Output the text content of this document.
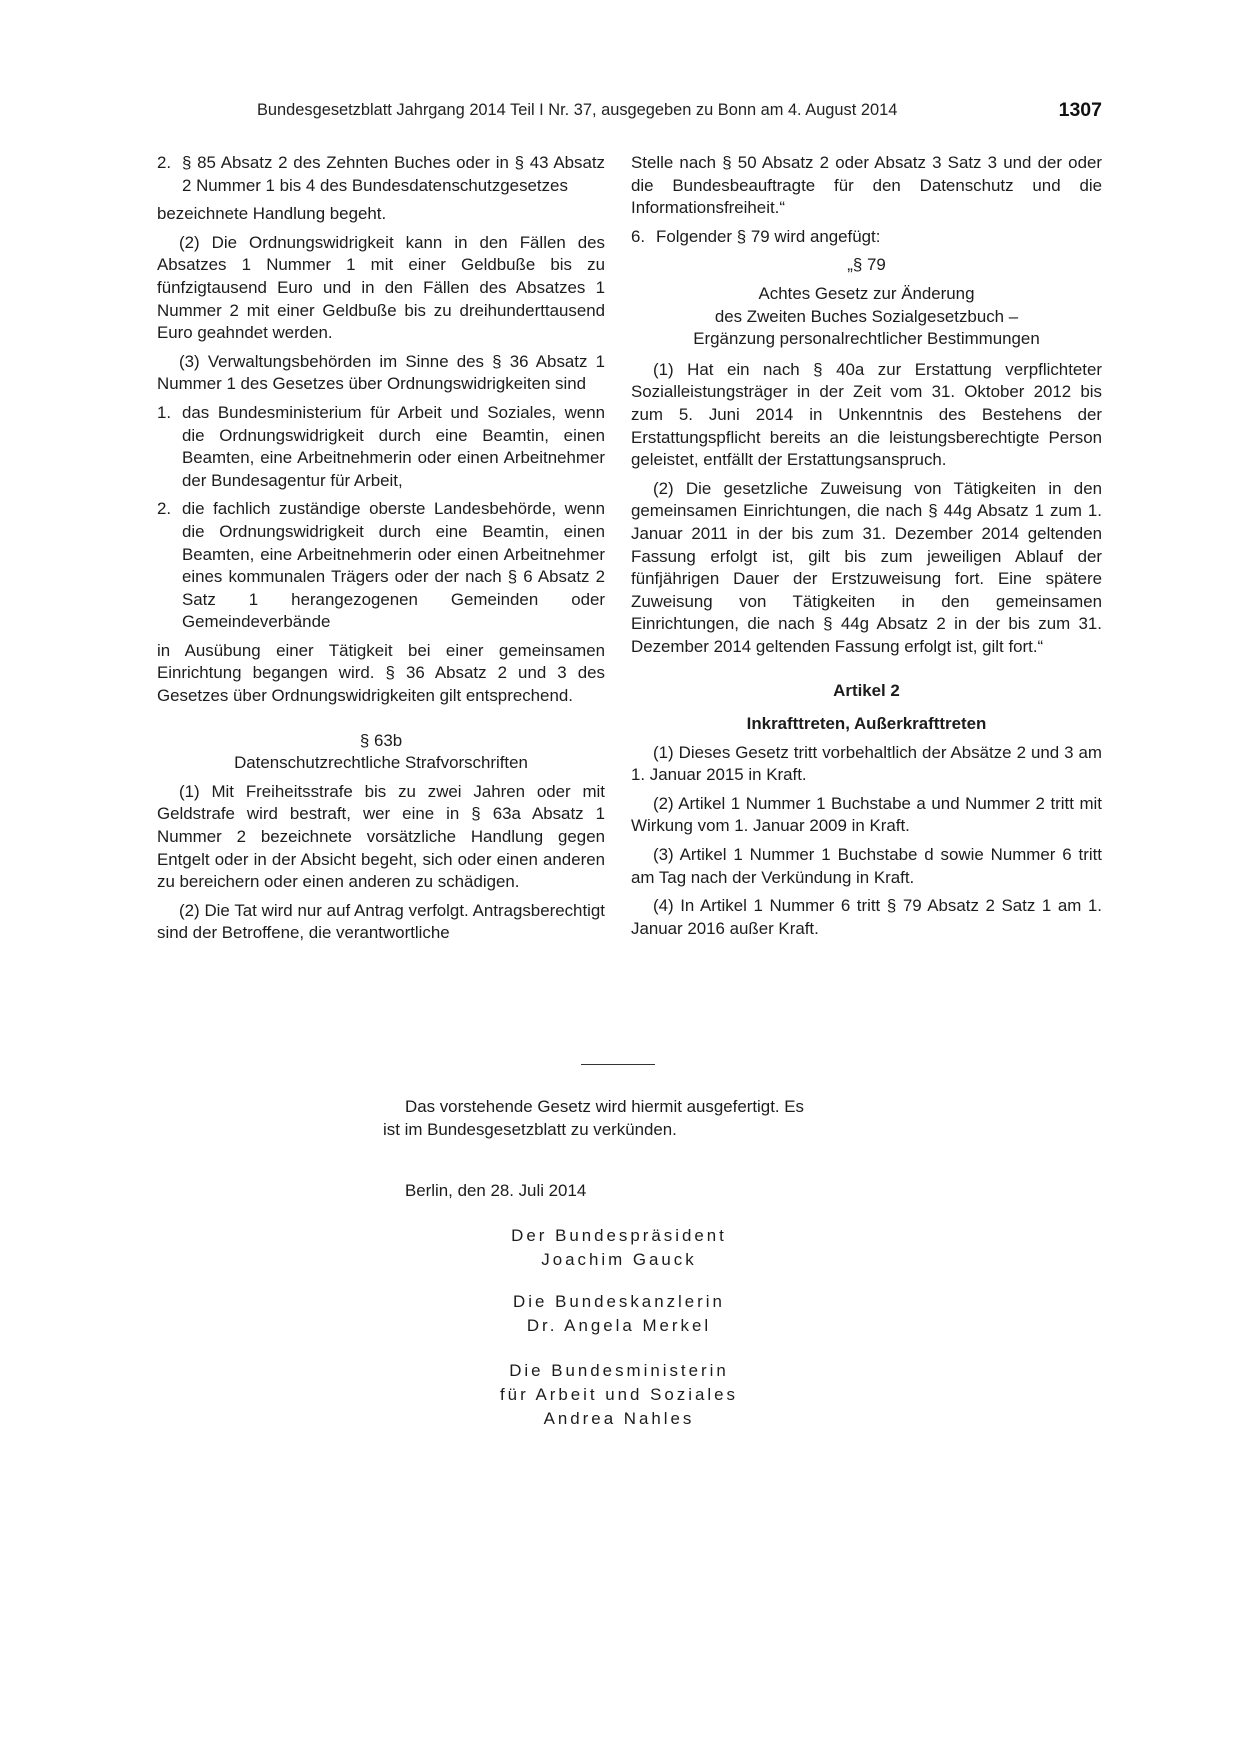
Bundesgesetzblatt Jahrgang 2014 Teil I Nr. 37, ausgegeben zu Bonn am 4. August 2014	1307
2. § 85 Absatz 2 des Zehnten Buches oder in § 43 Absatz 2 Nummer 1 bis 4 des Bundesdatenschutzgesetzes

bezeichnete Handlung begeht.

(2) Die Ordnungswidrigkeit kann in den Fällen des Absatzes 1 Nummer 1 mit einer Geldbuße bis zu fünfzigtausend Euro und in den Fällen des Absatzes 1 Nummer 2 mit einer Geldbuße bis zu dreihunderttausend Euro geahndet werden.

(3) Verwaltungsbehörden im Sinne des § 36 Absatz 1 Nummer 1 des Gesetzes über Ordnungswidrigkeiten sind

1. das Bundesministerium für Arbeit und Soziales, wenn die Ordnungswidrigkeit durch eine Beamtin, einen Beamten, eine Arbeitnehmerin oder einen Arbeitnehmer der Bundesagentur für Arbeit,
2. die fachlich zuständige oberste Landesbehörde, wenn die Ordnungswidrigkeit durch eine Beamtin, einen Beamten, eine Arbeitnehmerin oder einen Arbeitnehmer eines kommunalen Trägers oder der nach § 6 Absatz 2 Satz 1 herangezogenen Gemeinden oder Gemeindeverbände

in Ausübung einer Tätigkeit bei einer gemeinsamen Einrichtung begangen wird. § 36 Absatz 2 und 3 des Gesetzes über Ordnungswidrigkeiten gilt entsprechend.

§ 63b
Datenschutzrechtliche Strafvorschriften

(1) Mit Freiheitsstrafe bis zu zwei Jahren oder mit Geldstrafe wird bestraft, wer eine in § 63a Absatz 1 Nummer 2 bezeichnete vorsätzliche Handlung gegen Entgelt oder in der Absicht begeht, sich oder einen anderen zu bereichern oder einen anderen zu schädigen.

(2) Die Tat wird nur auf Antrag verfolgt. Antragsberechtigt sind der Betroffene, die verantwortliche

Stelle nach § 50 Absatz 2 oder Absatz 3 Satz 3 und der oder die Bundesbeauftragte für den Datenschutz und die Informationsfreiheit.“

6. Folgender § 79 wird angefügt:
„§ 79
Achtes Gesetz zur Änderung
des Zweiten Buches Sozialgesetzbuch –
Ergänzung personalrechtlicher Bestimmungen

(1) Hat ein nach § 40a zur Erstattung verpflichteter Sozialleistungsträger in der Zeit vom 31. Oktober 2012 bis zum 5. Juni 2014 in Unkenntnis des Bestehens der Erstattungspflicht bereits an die leistungsberechtigte Person geleistet, entfällt der Erstattungsanspruch.

(2) Die gesetzliche Zuweisung von Tätigkeiten in den gemeinsamen Einrichtungen, die nach § 44g Absatz 1 zum 1. Januar 2011 in der bis zum 31. Dezember 2014 geltenden Fassung erfolgt ist, gilt bis zum jeweiligen Ablauf der fünfjährigen Dauer der Erstzuweisung fort. Eine spätere Zuweisung von Tätigkeiten in den gemeinsamen Einrichtungen, die nach § 44g Absatz 2 in der bis zum 31. Dezember 2014 geltenden Fassung erfolgt ist, gilt fort.“

Artikel 2
Inkrafttreten, Außerkrafttreten

(1) Dieses Gesetz tritt vorbehaltlich der Absätze 2 und 3 am 1. Januar 2015 in Kraft.

(2) Artikel 1 Nummer 1 Buchstabe a und Nummer 2 tritt mit Wirkung vom 1. Januar 2009 in Kraft.

(3) Artikel 1 Nummer 1 Buchstabe d sowie Nummer 6 tritt am Tag nach der Verkündung in Kraft.

(4) In Artikel 1 Nummer 6 tritt § 79 Absatz 2 Satz 1 am 1. Januar 2016 außer Kraft.

Das vorstehende Gesetz wird hiermit ausgefertigt. Es
ist im Bundesgesetzblatt zu verkünden.
Berlin, den 28. Juli 2014
Der Bundespräsident
Joachim Gauck
Die Bundeskanzlerin
Dr. Angela Merkel
Die Bundesministerin
für Arbeit und Soziales
Andrea Nahles
